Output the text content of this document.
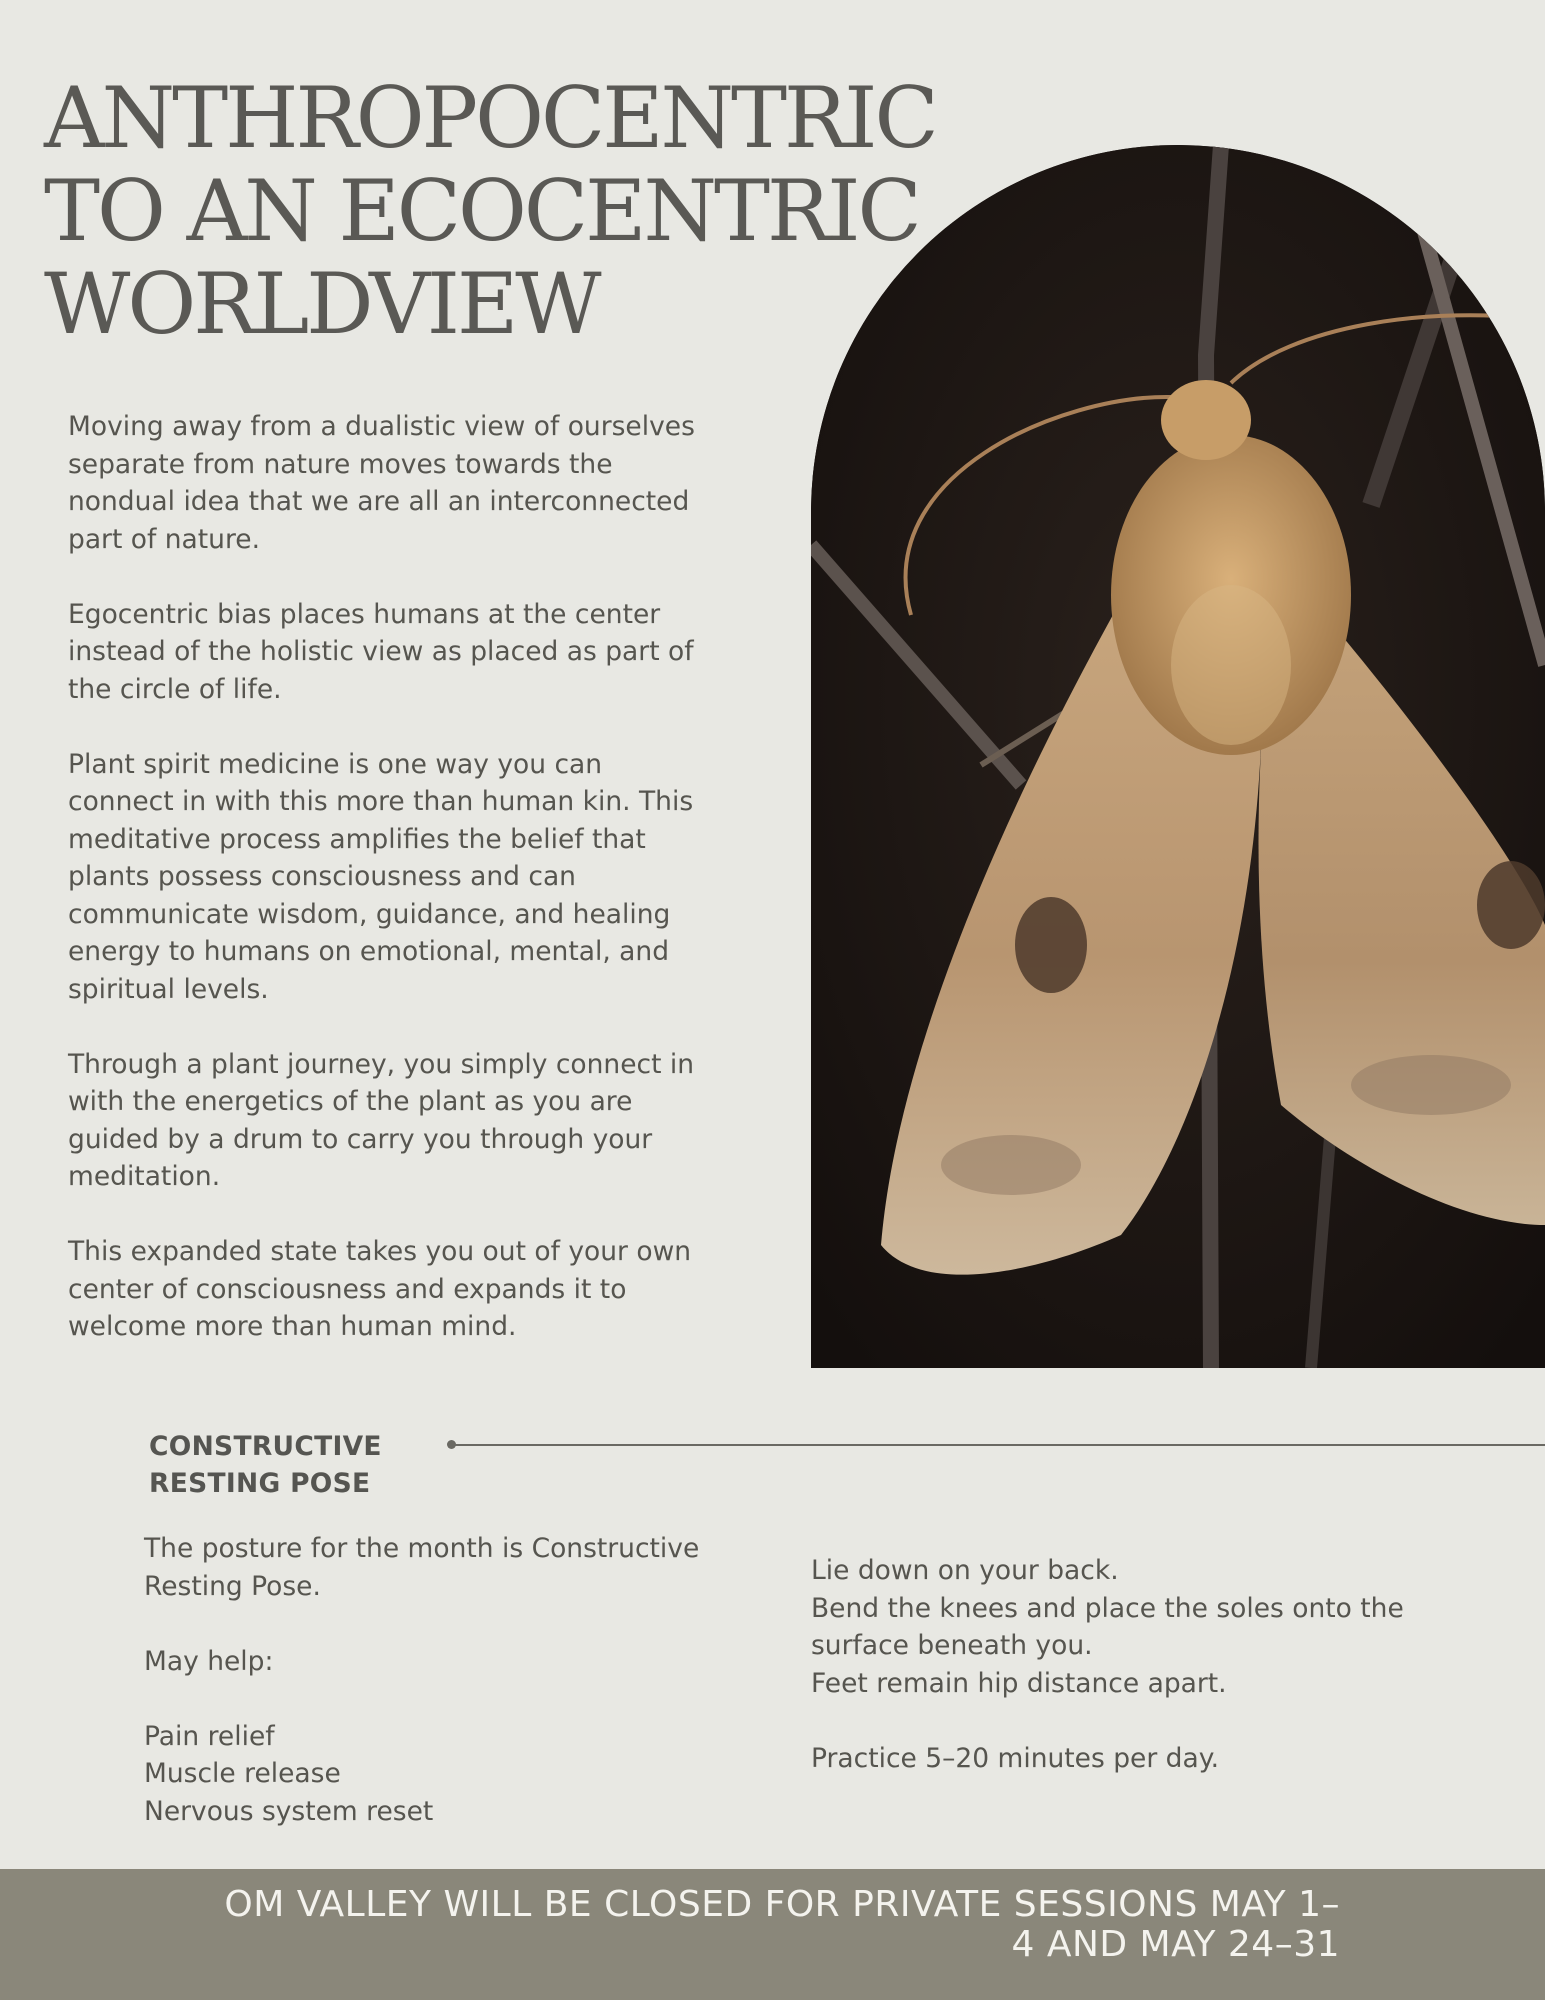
ANTHROPOCENTRIC
TO AN ECOCENTRIC
WORLDVIEW

Moving away from a dualistic view of ourselves separate from nature moves towards the nondual idea that we are all an interconnected part of nature.

Egocentric bias places humans at the center instead of the holistic view as placed as part of the circle of life.

Plant spirit medicine is one way you can connect in with this more than human kin. This meditative process amplifies the belief that plants possess consciousness and can communicate wisdom, guidance, and healing energy to humans on emotional, mental, and spiritual levels.

Through a plant journey, you simply connect in with the energetics of the plant as you are guided by a drum to carry you through your meditation.

This expanded state takes you out of your own center of consciousness and expands it to welcome more than human mind.

CONSTRUCTIVE
RESTING POSE

The posture for the month is Constructive Resting Pose.

May help:

Pain relief

Muscle release

Nervous system reset

Lie down on your back.

Bend the knees and place the soles onto the surface beneath you.

Feet remain hip distance apart.

Practice 5–20 minutes per day.

OM VALLEY WILL BE CLOSED FOR PRIVATE SESSIONS MAY 1–
4 AND MAY 24–31
